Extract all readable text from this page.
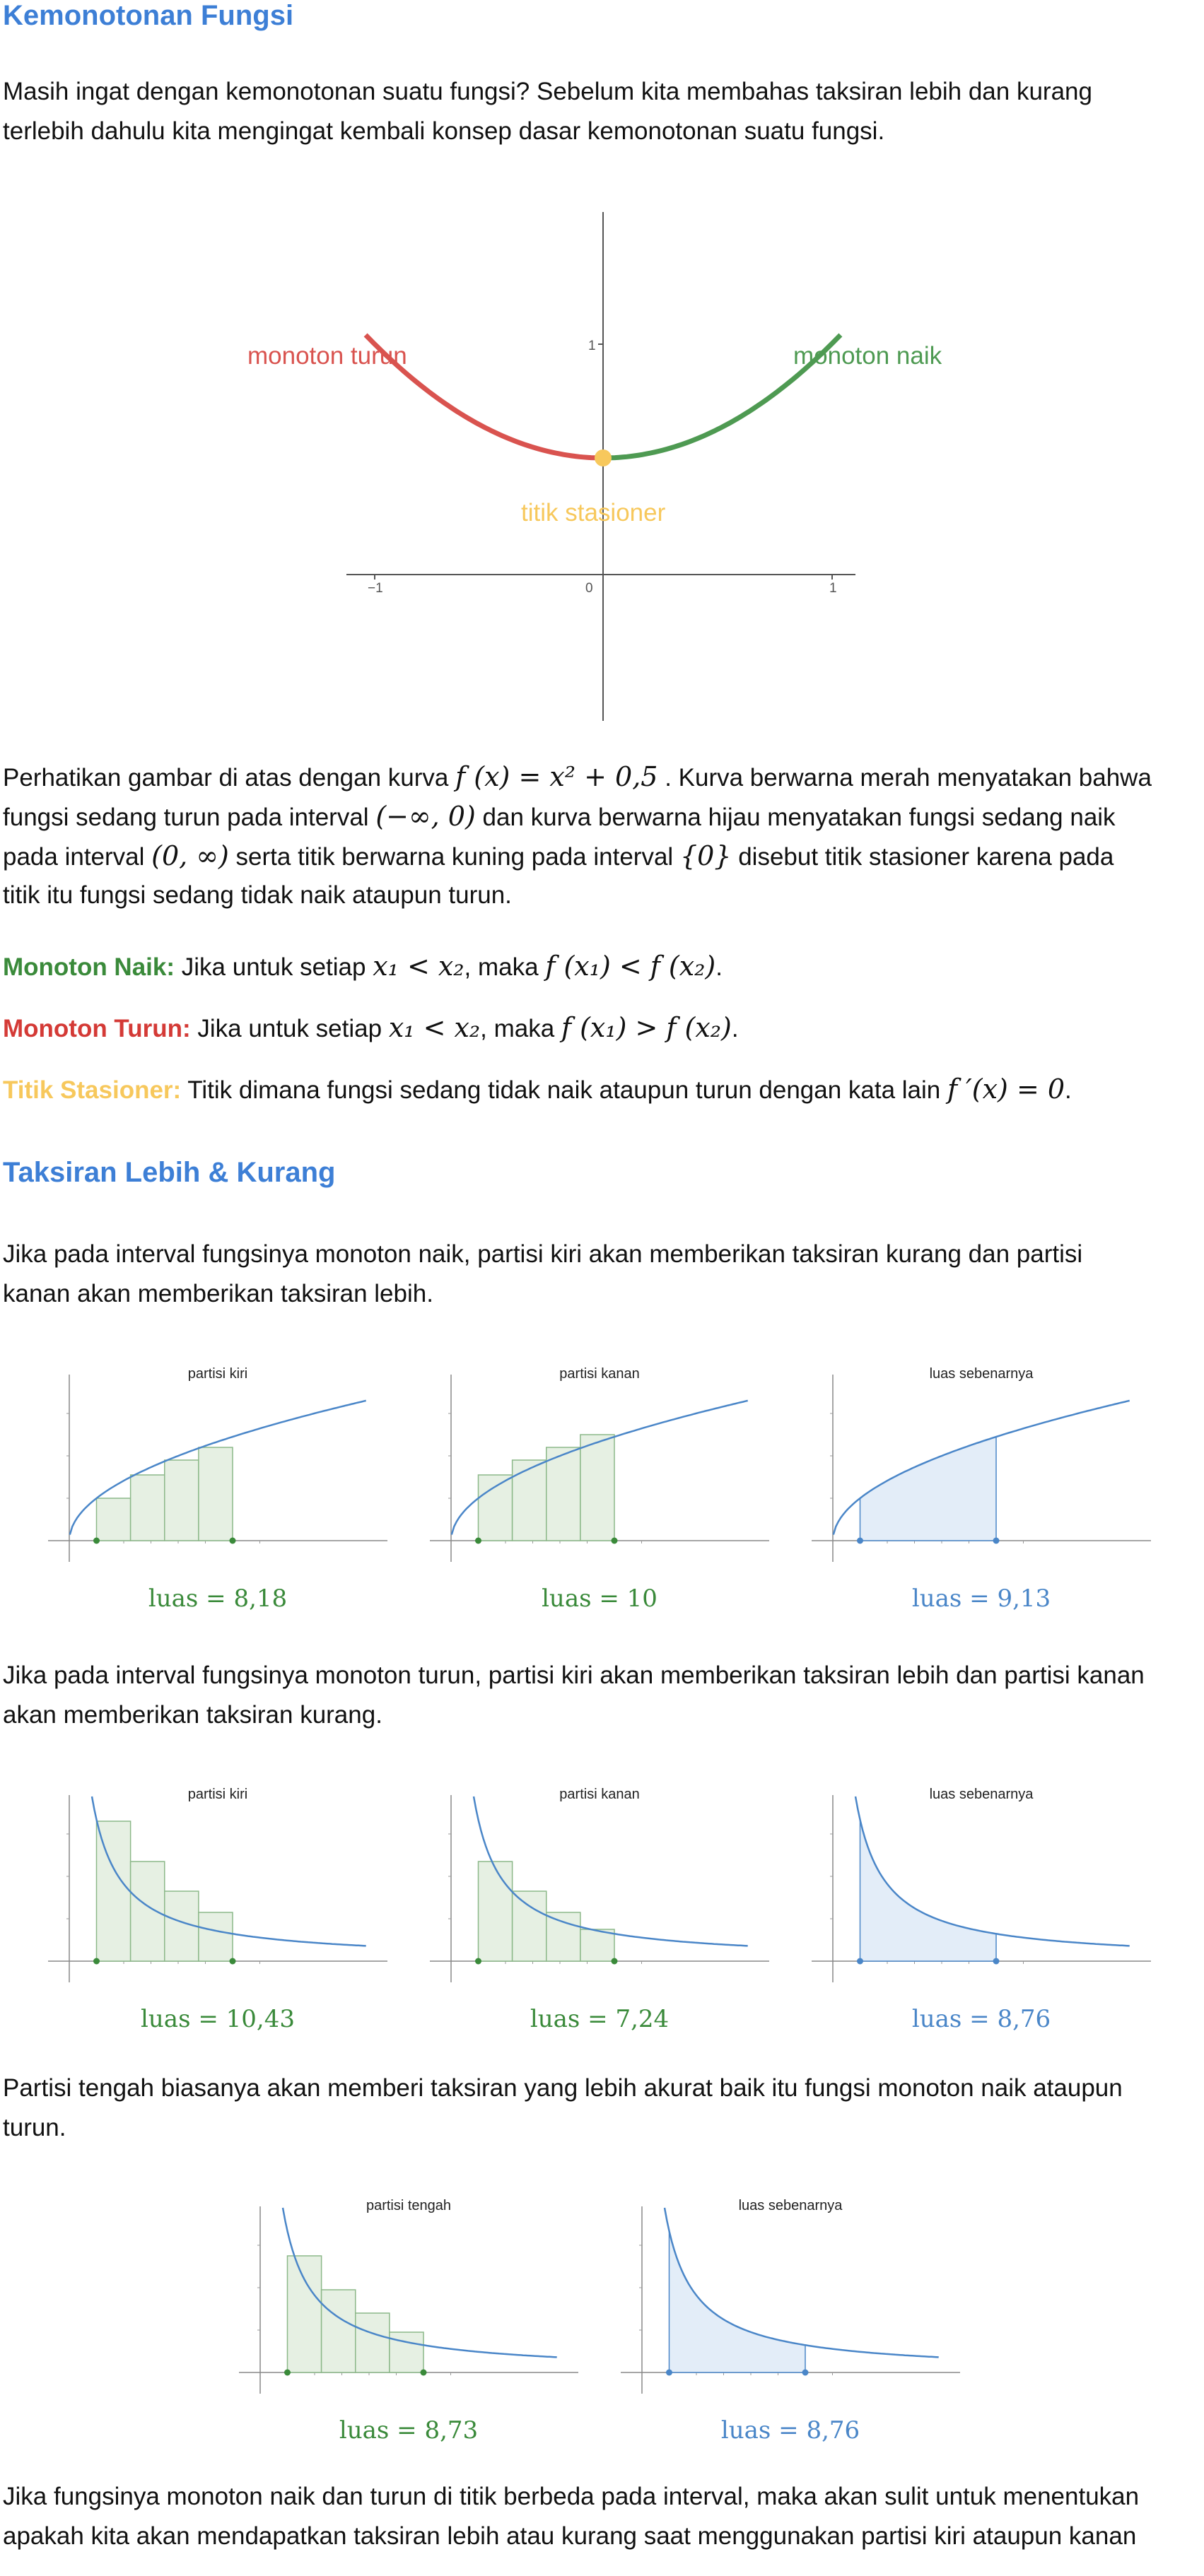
Kemonotonan Fungsi

Masih ingat dengan kemonotonan suatu fungsi? Sebelum kita membahas taksiran lebih dan kurang

terlebih dahulu kita mengingat kembali konsep dasar kemonotonan suatu fungsi.

1
−1	0	1
monoton turun	monoton naik
titik stasioner
Perhatikan gambar di atas dengan kurva f (x) = x² + 0,5 . Kurva berwarna merah menyatakan bahwa
fungsi sedang turun pada interval (−∞, 0) dan kurva berwarna hijau menyatakan fungsi sedang naik
pada interval (0, ∞) serta titik berwarna kuning pada interval {0} disebut titik stasioner karena pada
titik itu fungsi sedang tidak naik ataupun turun.
Monoton Naik: Jika untuk setiap x₁ < x₂, maka f (x₁) < f (x₂).
Monoton Turun: Jika untuk setiap x₁ < x₂, maka f (x₁) > f (x₂).
Titik Stasioner: Titik dimana fungsi sedang tidak naik ataupun turun dengan kata lain f ′(x) = 0.
Taksiran Lebih & Kurang

Jika pada interval fungsinya monoton naik, partisi kiri akan memberikan taksiran kurang dan partisi

kanan akan memberikan taksiran lebih.

partisi kiri
luas = 8,18
partisi kanan
luas = 10
luas sebenarnya
luas = 9,13

Jika pada interval fungsinya monoton turun, partisi kiri akan memberikan taksiran lebih dan partisi kanan

akan memberikan taksiran kurang.

partisi kiri
luas = 10,43
partisi kanan
luas = 7,24
luas sebenarnya
luas = 8,76

Partisi tengah biasanya akan memberi taksiran yang lebih akurat baik itu fungsi monoton naik ataupun

turun.

partisi tengah
luas = 8,73
luas sebenarnya
luas = 8,76

Jika fungsinya monoton naik dan turun di titik berbeda pada interval, maka akan sulit untuk menentukan

apakah kita akan mendapatkan taksiran lebih atau kurang saat menggunakan partisi kiri ataupun kanan
